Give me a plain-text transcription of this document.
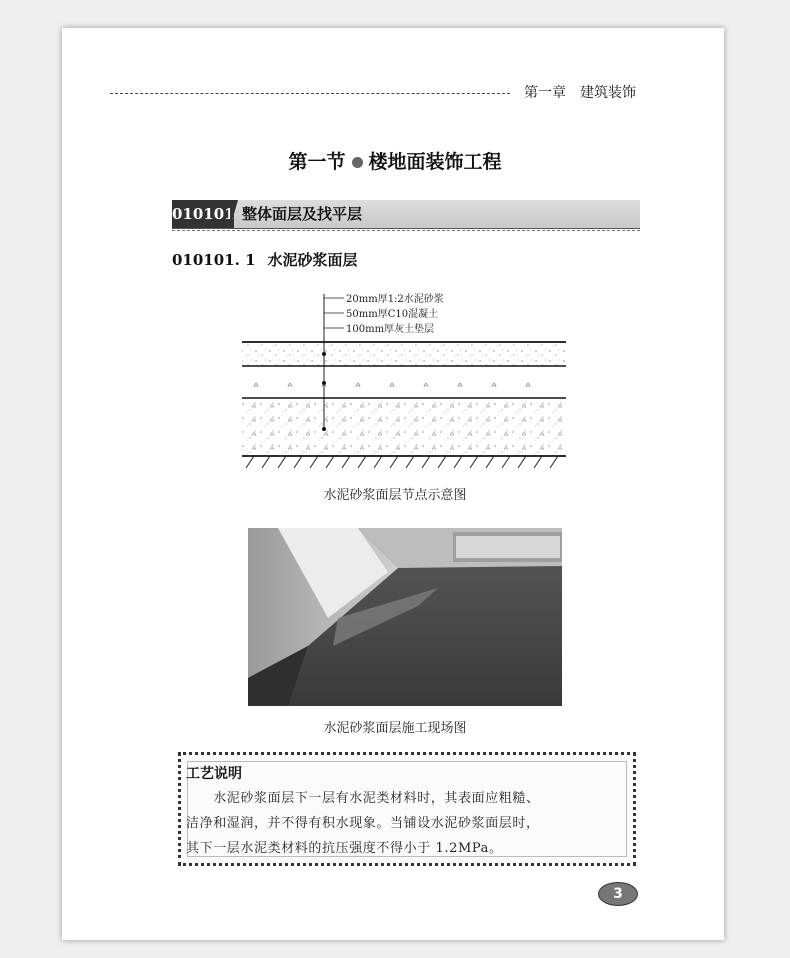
第一章　建筑装饰
第一节 楼地面装饰工程
010101 整体面层及找平层
010101. 1 水泥砂浆面层
20mm厚1:2水泥砂浆
50mm厚C10混凝土
100mm厚灰土垫层
水泥砂浆面层节点示意图
水泥砂浆面层施工现场图
工艺说明
　　水泥砂浆面层下一层有水泥类材料时，其表面应粗糙、
洁净和湿润，并不得有积水现象。当铺设水泥砂浆面层时，
其下一层水泥类材料的抗压强度不得小于 1.2MPa。
3
